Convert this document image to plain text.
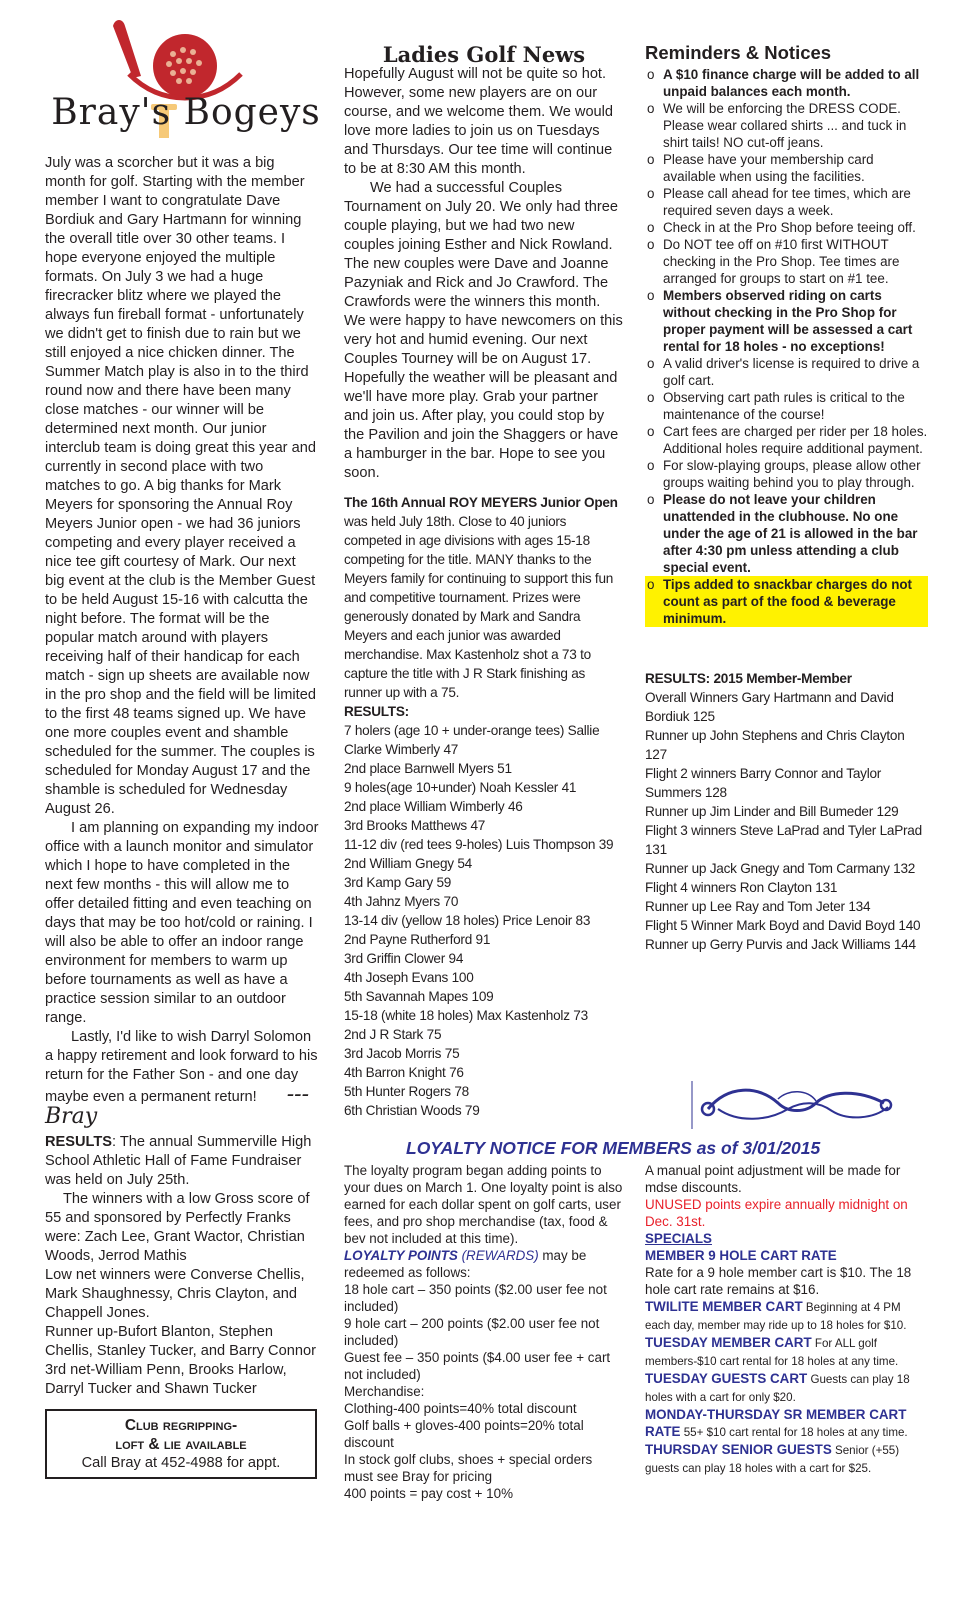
Bray's Bogeys

July was a scorcher but it was a big month for golf. Starting with the member member I want to congratulate Dave Bordiuk and Gary Hartmann for winning the overall title over 30 other teams. I hope everyone enjoyed the multiple formats. On July 3 we had a huge firecracker blitz where we played the always fun fireball format - unfortunately we didn't get to finish due to rain but we still enjoyed a nice chicken dinner. The Summer Match play is also in to the third round now and there have been many close matches - our winner will be determined next month. Our junior interclub team is doing great this year and currently in second place with two matches to go. A big thanks for Mark Meyers for sponsoring the Annual Roy Meyers Junior open - we had 36 juniors competing and every player received a nice tee gift courtesy of Mark. Our next big event at the club is the Member Guest to be held August 15-16 with calcutta the night before. The format will be the popular match around with players receiving half of their handicap for each match - sign up sheets are available now in the pro shop and the field will be limited to the first 48 teams signed up. We have one more couples event and shamble scheduled for the summer. The couples is scheduled for Monday August 17 and the shamble is scheduled for Wednesday August 26.

I am planning on expanding my indoor office with a launch monitor and simulator which I hope to have completed in the next few months - this will allow me to offer detailed fitting and even teaching on days that may be too hot/cold or raining. I will also be able to offer an indoor range environment for members to warm up before tournaments as well as have a practice session similar to an outdoor range.

Lastly, I'd like to wish Darryl Solomon a happy retirement and look forward to his return for the Father Son - and one day maybe even a permanent return! ---Bray

RESULTS: The annual Summerville High School Athletic Hall of Fame Fundraiser was held on July 25th.

The winners with a low Gross score of 55 and sponsored by Perfectly Franks were: Zach Lee, Grant Wactor, Christian Woods, Jerrod Mathis

Low net winners were Converse Chellis, Mark Shaughnessy, Chris Clayton, and Chappell Jones.

Runner up-Bufort Blanton, Stephen Chellis, Stanley Tucker, and Barry Connor

3rd net-William Penn, Brooks Harlow, Darryl Tucker and Shawn Tucker

Club regripping-
loft & lie available
Call Bray at 452-4988 for appt.
Ladies Golf News

Hopefully August will not be quite so hot. However, some new players are on our course, and we welcome them. We would love more ladies to join us on Tuesdays and Thursdays. Our tee time will continue to be at 8:30 AM this month.

We had a successful Couples Tournament on July 20. We only had three couple playing, but we had two new couples joining Esther and Nick Rowland. The new couples were Dave and Joanne Pazyniak and Rick and Jo Crawford. The Crawfords were the winners this month. We were happy to have newcomers on this very hot and humid evening. Our next Couples Tourney will be on August 17. Hopefully the weather will be pleasant and we'll have more play. Grab your partner and join us. After play, you could stop by the Pavilion and join the Shaggers or have a hamburger in the bar. Hope to see you soon.

The 16th Annual ROY MEYERS Junior Open was held July 18th. Close to 40 juniors competed in age divisions with ages 15-18 competing for the title. MANY thanks to the Meyers family for continuing to support this fun and competitive tournament. Prizes were generously donated by Mark and Sandra Meyers and each junior was awarded merchandise. Max Kastenholz shot a 73 to capture the title with J R Stark finishing as runner up with a 75.

RESULTS:

7 holers (age 10 + under-orange tees) Sallie Clarke Wimberly 47

2nd place Barnwell Myers 51

9 holes(age 10+under) Noah Kessler 41

2nd place William Wimberly 46

3rd Brooks Matthews 47

11-12 div (red tees 9-holes) Luis Thompson 39

2nd William Gnegy 54

3rd Kamp Gary 59

4th Jahnz Myers 70

13-14 div (yellow 18 holes) Price Lenoir 83

2nd Payne Rutherford 91

3rd Griffin Clower 94

4th Joseph Evans 100

5th Savannah Mapes 109

15-18 (white 18 holes) Max Kastenholz 73

2nd J R Stark 75

3rd Jacob Morris 75

4th Barron Knight 76

5th Hunter Rogers 78

6th Christian Woods 79

Reminders & Notices
o A $10 finance charge will be added to all unpaid balances each month.
o We will be enforcing the DRESS CODE. Please wear collared shirts ... and tuck in shirt tails! NO cut-off jeans.
o Please have your membership card available when using the facilities.
o Please call ahead for tee times, which are required seven days a week.
o Check in at the Pro Shop before teeing off.
o Do NOT tee off on #10 first WITHOUT checking in the Pro Shop. Tee times are arranged for groups to start on #1 tee.
o Members observed riding on carts without checking in the Pro Shop for proper payment will be assessed a cart rental for 18 holes - no exceptions!
o A valid driver's license is required to drive a golf cart.
o Observing cart path rules is critical to the maintenance of the course!
o Cart fees are charged per rider per 18 holes. Additional holes require additional payment.
o For slow-playing groups, please allow other groups waiting behind you to play through.
o Please do not leave your children unattended in the clubhouse. No one under the age of 21 is allowed in the bar after 4:30 pm unless attending a club special event.
o Tips added to snackbar charges do not count as part of the food & beverage minimum.

RESULTS: 2015 Member-Member

Overall Winners Gary Hartmann and David Bordiuk 125

Runner up John Stephens and Chris Clayton 127

Flight 2 winners Barry Connor and Taylor Summers 128

Runner up Jim Linder and Bill Bumeder 129

Flight 3 winners Steve LaPrad and Tyler LaPrad 131

Runner up Jack Gnegy and Tom Carmany 132

Flight 4 winners Ron Clayton 131

Runner up Lee Ray and Tom Jeter 134

Flight 5 Winner Mark Boyd and David Boyd 140

Runner up Gerry Purvis and Jack Williams 144

LOYALTY NOTICE FOR MEMBERS as of 3/01/2015

The loyalty program began adding points to your dues on March 1. One loyalty point is also earned for each dollar spent on golf carts, user fees, and pro shop merchandise (tax, food & bev not included at this time).

LOYALTY POINTS (REWARDS) may be redeemed as follows:

18 hole cart – 350 points ($2.00 user fee not included)

9 hole cart – 200 points ($2.00 user fee not included)

Guest fee – 350 points ($4.00 user fee + cart not included)

Merchandise:

Clothing-400 points=40% total discount

Golf balls + gloves-400 points=20% total discount

In stock golf clubs, shoes + special orders must see Bray for pricing

400 points = pay cost + 10%

A manual point adjustment will be made for mdse discounts.

UNUSED points expire annually midnight on Dec. 31st.

SPECIALS

MEMBER 9 HOLE CART RATE
Rate for a 9 hole member cart is $10. The 18 hole cart rate remains at $16.

TWILITE MEMBER CART Beginning at 4 PM each day, member may ride up to 18 holes for $10.

TUESDAY MEMBER CART For ALL golf members-$10 cart rental for 18 holes at any time.

TUESDAY GUESTS CART Guests can play 18 holes with a cart for only $20.

MONDAY-THURSDAY SR MEMBER CART RATE 55+ $10 cart rental for 18 holes at any time.

THURSDAY SENIOR GUESTS Senior (+55) guests can play 18 holes with a cart for $25.
